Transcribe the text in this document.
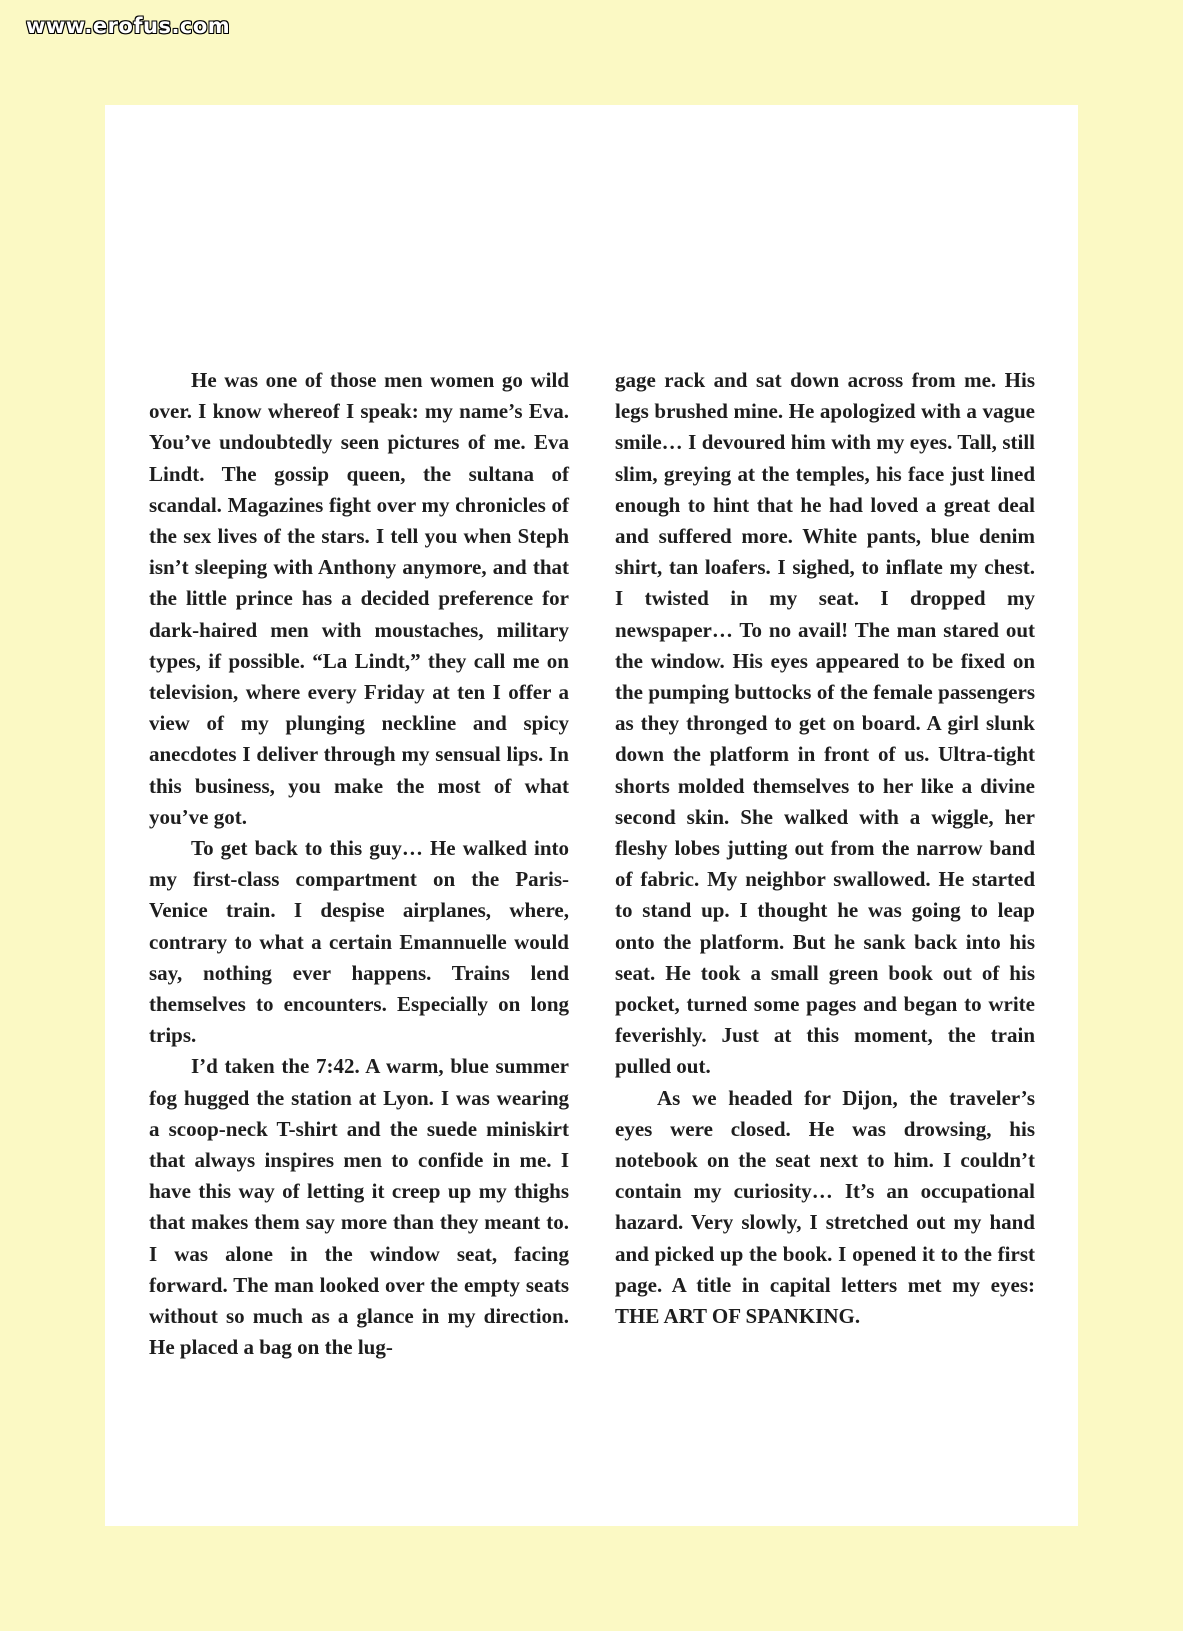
www.erofus.com

He was one of those men women go wild over. I know whereof I speak: my name’s Eva. You’ve undoubtedly seen pictures of me. Eva Lindt. The gossip queen, the sultana of scandal. Magazines fight over my chronicles of the sex lives of the stars. I tell you when Steph isn’t sleeping with Anthony anymore, and that the little prince has a decided preference for dark-haired men with moustaches, military types, if possible. “La Lindt,” they call me on television, where every Friday at ten I offer a view of my plunging neckline and spicy anecdotes I deliver through my sensual lips. In this business, you make the most of what you’ve got.

To get back to this guy… He walked into my first-class compartment on the Paris-Venice train. I despise airplanes, where, contrary to what a certain Emannuelle would say, nothing ever happens. Trains lend themselves to encounters. Especially on long trips.

I’d taken the 7:42. A warm, blue summer fog hugged the station at Lyon. I was wearing a scoop-neck T-shirt and the suede miniskirt that always inspires men to confide in me. I have this way of letting it creep up my thighs that makes them say more than they meant to. I was alone in the window seat, facing forward. The man looked over the empty seats without so much as a glance in my direction. He placed a bag on the lug-

gage rack and sat down across from me. His legs brushed mine. He apologized with a vague smile… I devoured him with my eyes. Tall, still slim, greying at the temples, his face just lined enough to hint that he had loved a great deal and suffered more. White pants, blue denim shirt, tan loafers. I sighed, to inflate my chest. I twisted in my seat. I dropped my newspaper… To no avail! The man stared out the window. His eyes appeared to be fixed on the pumping buttocks of the female passengers as they thronged to get on board. A girl slunk down the platform in front of us. Ultra-tight shorts molded themselves to her like a divine second skin. She walked with a wiggle, her fleshy lobes jutting out from the narrow band of fabric. My neighbor swallowed. He started to stand up. I thought he was going to leap onto the platform. But he sank back into his seat. He took a small green book out of his pocket, turned some pages and began to write feverishly. Just at this moment, the train pulled out.

As we headed for Dijon, the traveler’s eyes were closed. He was drowsing, his notebook on the seat next to him. I couldn’t contain my curiosity… It’s an occupational hazard. Very slowly, I stretched out my hand and picked up the book. I opened it to the first page. A title in capital letters met my eyes: THE ART OF SPANKING.
